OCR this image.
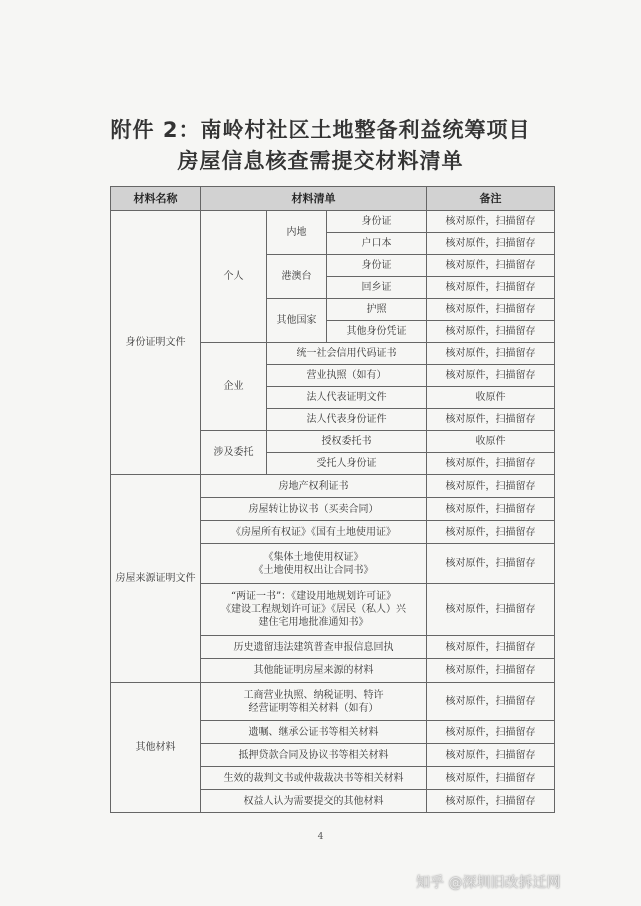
附件 2：南岭村社区土地整备利益统筹项目
房屋信息核查需提交材料清单
材料名称	材料清单			备注
身份证明文件	个人	内地	身份证	核对原件，扫描留存
			户口本	核对原件，扫描留存
		港澳台	身份证	核对原件，扫描留存
			回乡证	核对原件，扫描留存
		其他国家	护照	核对原件，扫描留存
			其他身份凭证	核对原件，扫描留存
	企业	统一社会信用代码证书		核对原件，扫描留存
		营业执照（如有）		核对原件，扫描留存
		法人代表证明文件		收原件
		法人代表身份证件		核对原件，扫描留存
	涉及委托	授权委托书		收原件
		受托人身份证		核对原件，扫描留存
房屋来源证明文件	房地产权利证书			核对原件，扫描留存
	房屋转让协议书（买卖合同）			核对原件，扫描留存
	《房屋所有权证》《国有土地使用证》			核对原件，扫描留存

	《集体土地使用权证》
《土地使用权出让合同书》			核对原件，扫描留存

	“两证一书”：《建设用地规划许可证》
《建设工程规划许可证》《居民（私人）兴
建住宅用地批准通知书》			核对原件，扫描留存
	历史遗留违法建筑普查申报信息回执			核对原件，扫描留存
	其他能证明房屋来源的材料			核对原件，扫描留存
其他材料	工商营业执照、纳税证明、特许
经营证明等相关材料（如有）			核对原件，扫描留存
	遗嘱、继承公证书等相关材料			核对原件，扫描留存
	抵押贷款合同及协议书等相关材料			核对原件，扫描留存
	生效的裁判文书或仲裁裁决书等相关材料			核对原件，扫描留存
	权益人认为需要提交的其他材料			核对原件，扫描留存
4
知乎 @深圳旧改拆迁网
